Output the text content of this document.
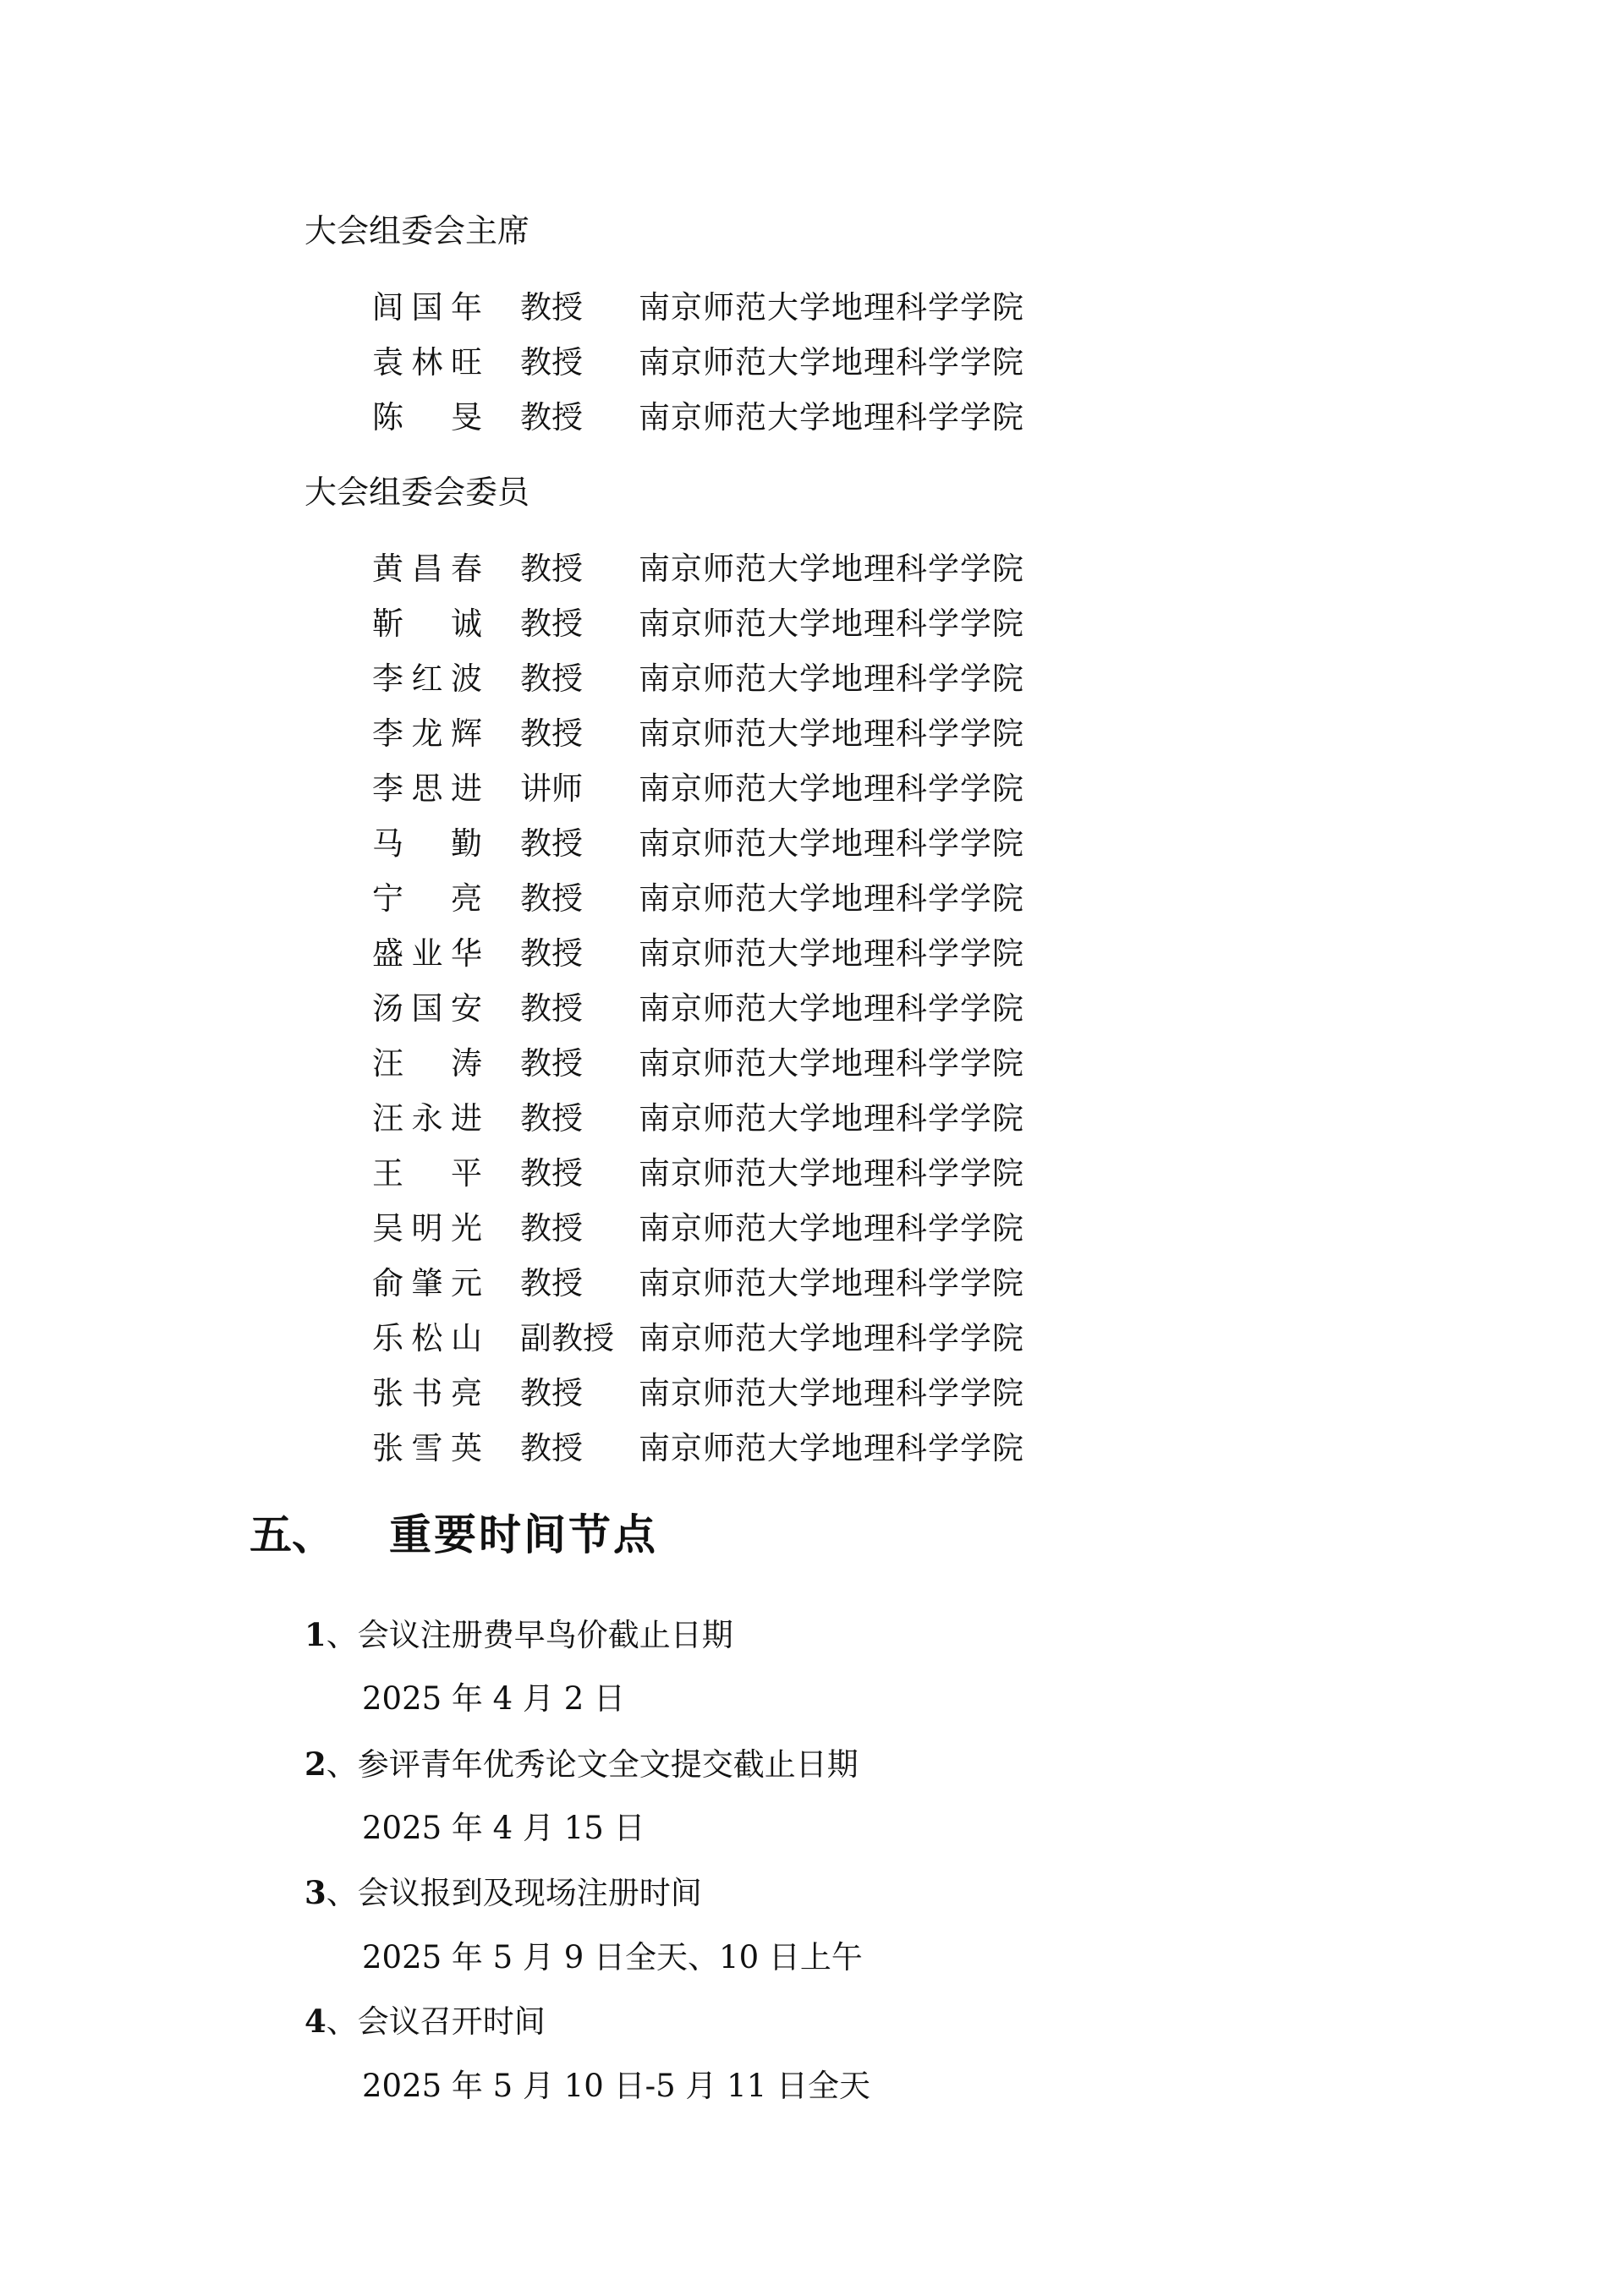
大会组委会主席
闾国年 教授 南京师范大学地理科学学院
袁林旺 教授 南京师范大学地理科学学院
陈　旻 教授 南京师范大学地理科学学院
大会组委会委员
黄昌春 教授 南京师范大学地理科学学院
靳　诚 教授 南京师范大学地理科学学院
李红波 教授 南京师范大学地理科学学院
李龙辉 教授 南京师范大学地理科学学院
李思进 讲师 南京师范大学地理科学学院
马　勤 教授 南京师范大学地理科学学院
宁　亮 教授 南京师范大学地理科学学院
盛业华 教授 南京师范大学地理科学学院
汤国安 教授 南京师范大学地理科学学院
汪　涛 教授 南京师范大学地理科学学院
汪永进 教授 南京师范大学地理科学学院
王　平 教授 南京师范大学地理科学学院
吴明光 教授 南京师范大学地理科学学院
俞肇元 教授 南京师范大学地理科学学院
乐松山 副教授 南京师范大学地理科学学院
张书亮 教授 南京师范大学地理科学学院
张雪英 教授 南京师范大学地理科学学院
五、 重要时间节点
1、会议注册费早鸟价截止日期
2025 年 4 月 2 日
2、参评青年优秀论文全文提交截止日期
2025 年 4 月 15 日
3、会议报到及现场注册时间
2025 年 5 月 9 日全天、10 日上午
4、会议召开时间
2025 年 5 月 10 日-5 月 11 日全天
